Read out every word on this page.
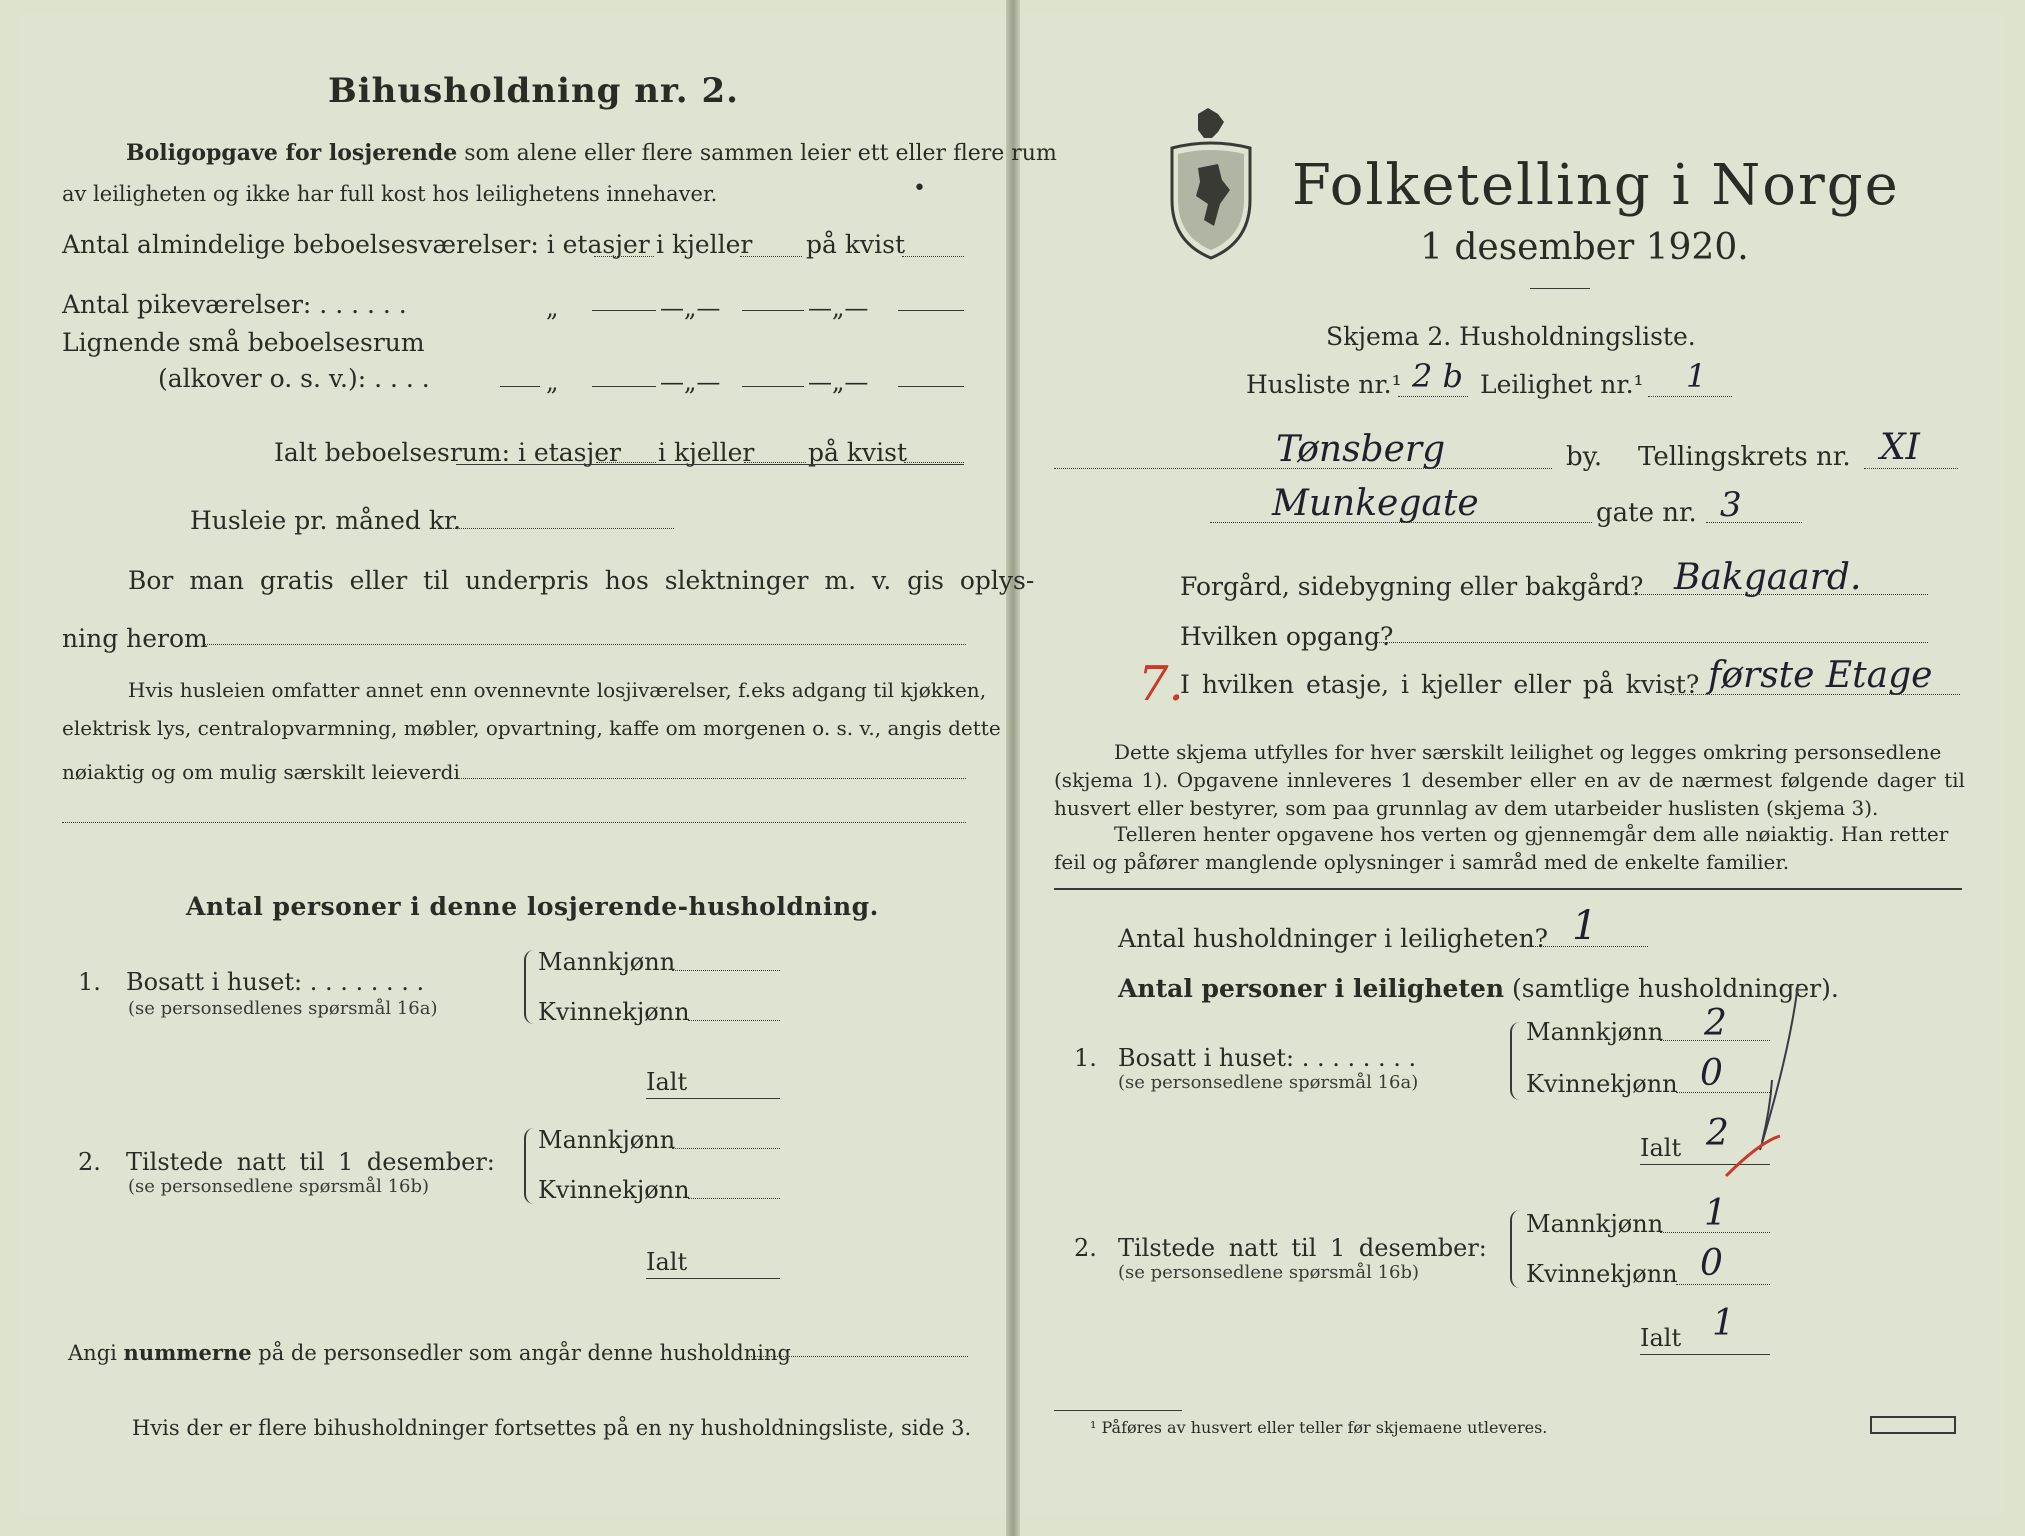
Bihusholdning nr. 2.
Boligopgave for losjerende som alene eller flere sammen leier ett eller flere rum
av leiligheten og ikke har full kost hos leilighetens innehaver.	•
Antal almindelige beboelsesværelser: i etasjer i kjeller på kvist
Antal pikeværelser: . . . . . .	„	—„—	—„—
Lignende små beboelsesrum
(alkover o. s. v.): . . . .	„	—„—	—„—
Ialt beboelsesrum: i etasjer i kjeller på kvist
Husleie pr. måned kr.
Bor man gratis eller til underpris hos slektninger m. v. gis oplys-
ning herom
Hvis husleien omfatter annet enn ovennevnte losjiværelser, f.eks adgang til kjøkken,
elektrisk lys, centralopvarmning, møbler, opvartning, kaffe om morgenen o. s. v., angis dette
nøiaktig og om mulig særskilt leieverdi
Antal personer i denne losjerende-husholdning.
1. Bosatt i huset: . . . . . . . .
(se personsedlenes spørsmål 16a)
Mannkjønn
Kvinnekjønn
Ialt
2. Tilstede natt til 1 desember:
(se personsedlene spørsmål 16b)
Mannkjønn
Kvinnekjønn
Ialt
Angi nummerne på de personsedler som angår denne husholdning
Hvis der er flere bihusholdninger fortsettes på en ny husholdningsliste, side 3.
Folketelling i Norge
1 desember 1920.
Skjema 2. Husholdningsliste.
Husliste nr.¹ 2 b Leilighet nr.¹ 1
Tønsberg	by. Tellingskrets nr. XI
Munkegate	gate nr. 3
Forgård, sidebygning eller bakgård? Bakgaard.
Hvilken opgang?
7.
I hvilken etasje, i kjeller eller på kvist? første Etage
Dette skjema utfylles for hver særskilt leilighet og legges omkring personsedlene
(skjema 1). Opgavene innleveres 1 desember eller en av de nærmest følgende dager til
husvert eller bestyrer, som paa grunnlag av dem utarbeider huslisten (skjema 3).
Telleren henter opgavene hos verten og gjennemgår dem alle nøiaktig. Han retter
feil og påfører manglende oplysninger i samråd med de enkelte familier.
Antal husholdninger i leiligheten? 1
Antal personer i leiligheten (samtlige husholdninger).
1. Bosatt i huset: . . . . . . . .
(se personsedlene spørsmål 16a)
Mannkjønn 2
Kvinnekjønn 0
Ialt 2
2. Tilstede natt til 1 desember:
(se personsedlene spørsmål 16b)
Mannkjønn 1
Kvinnekjønn 0
Ialt 1
¹ Påføres av husvert eller teller før skjemaene utleveres.
